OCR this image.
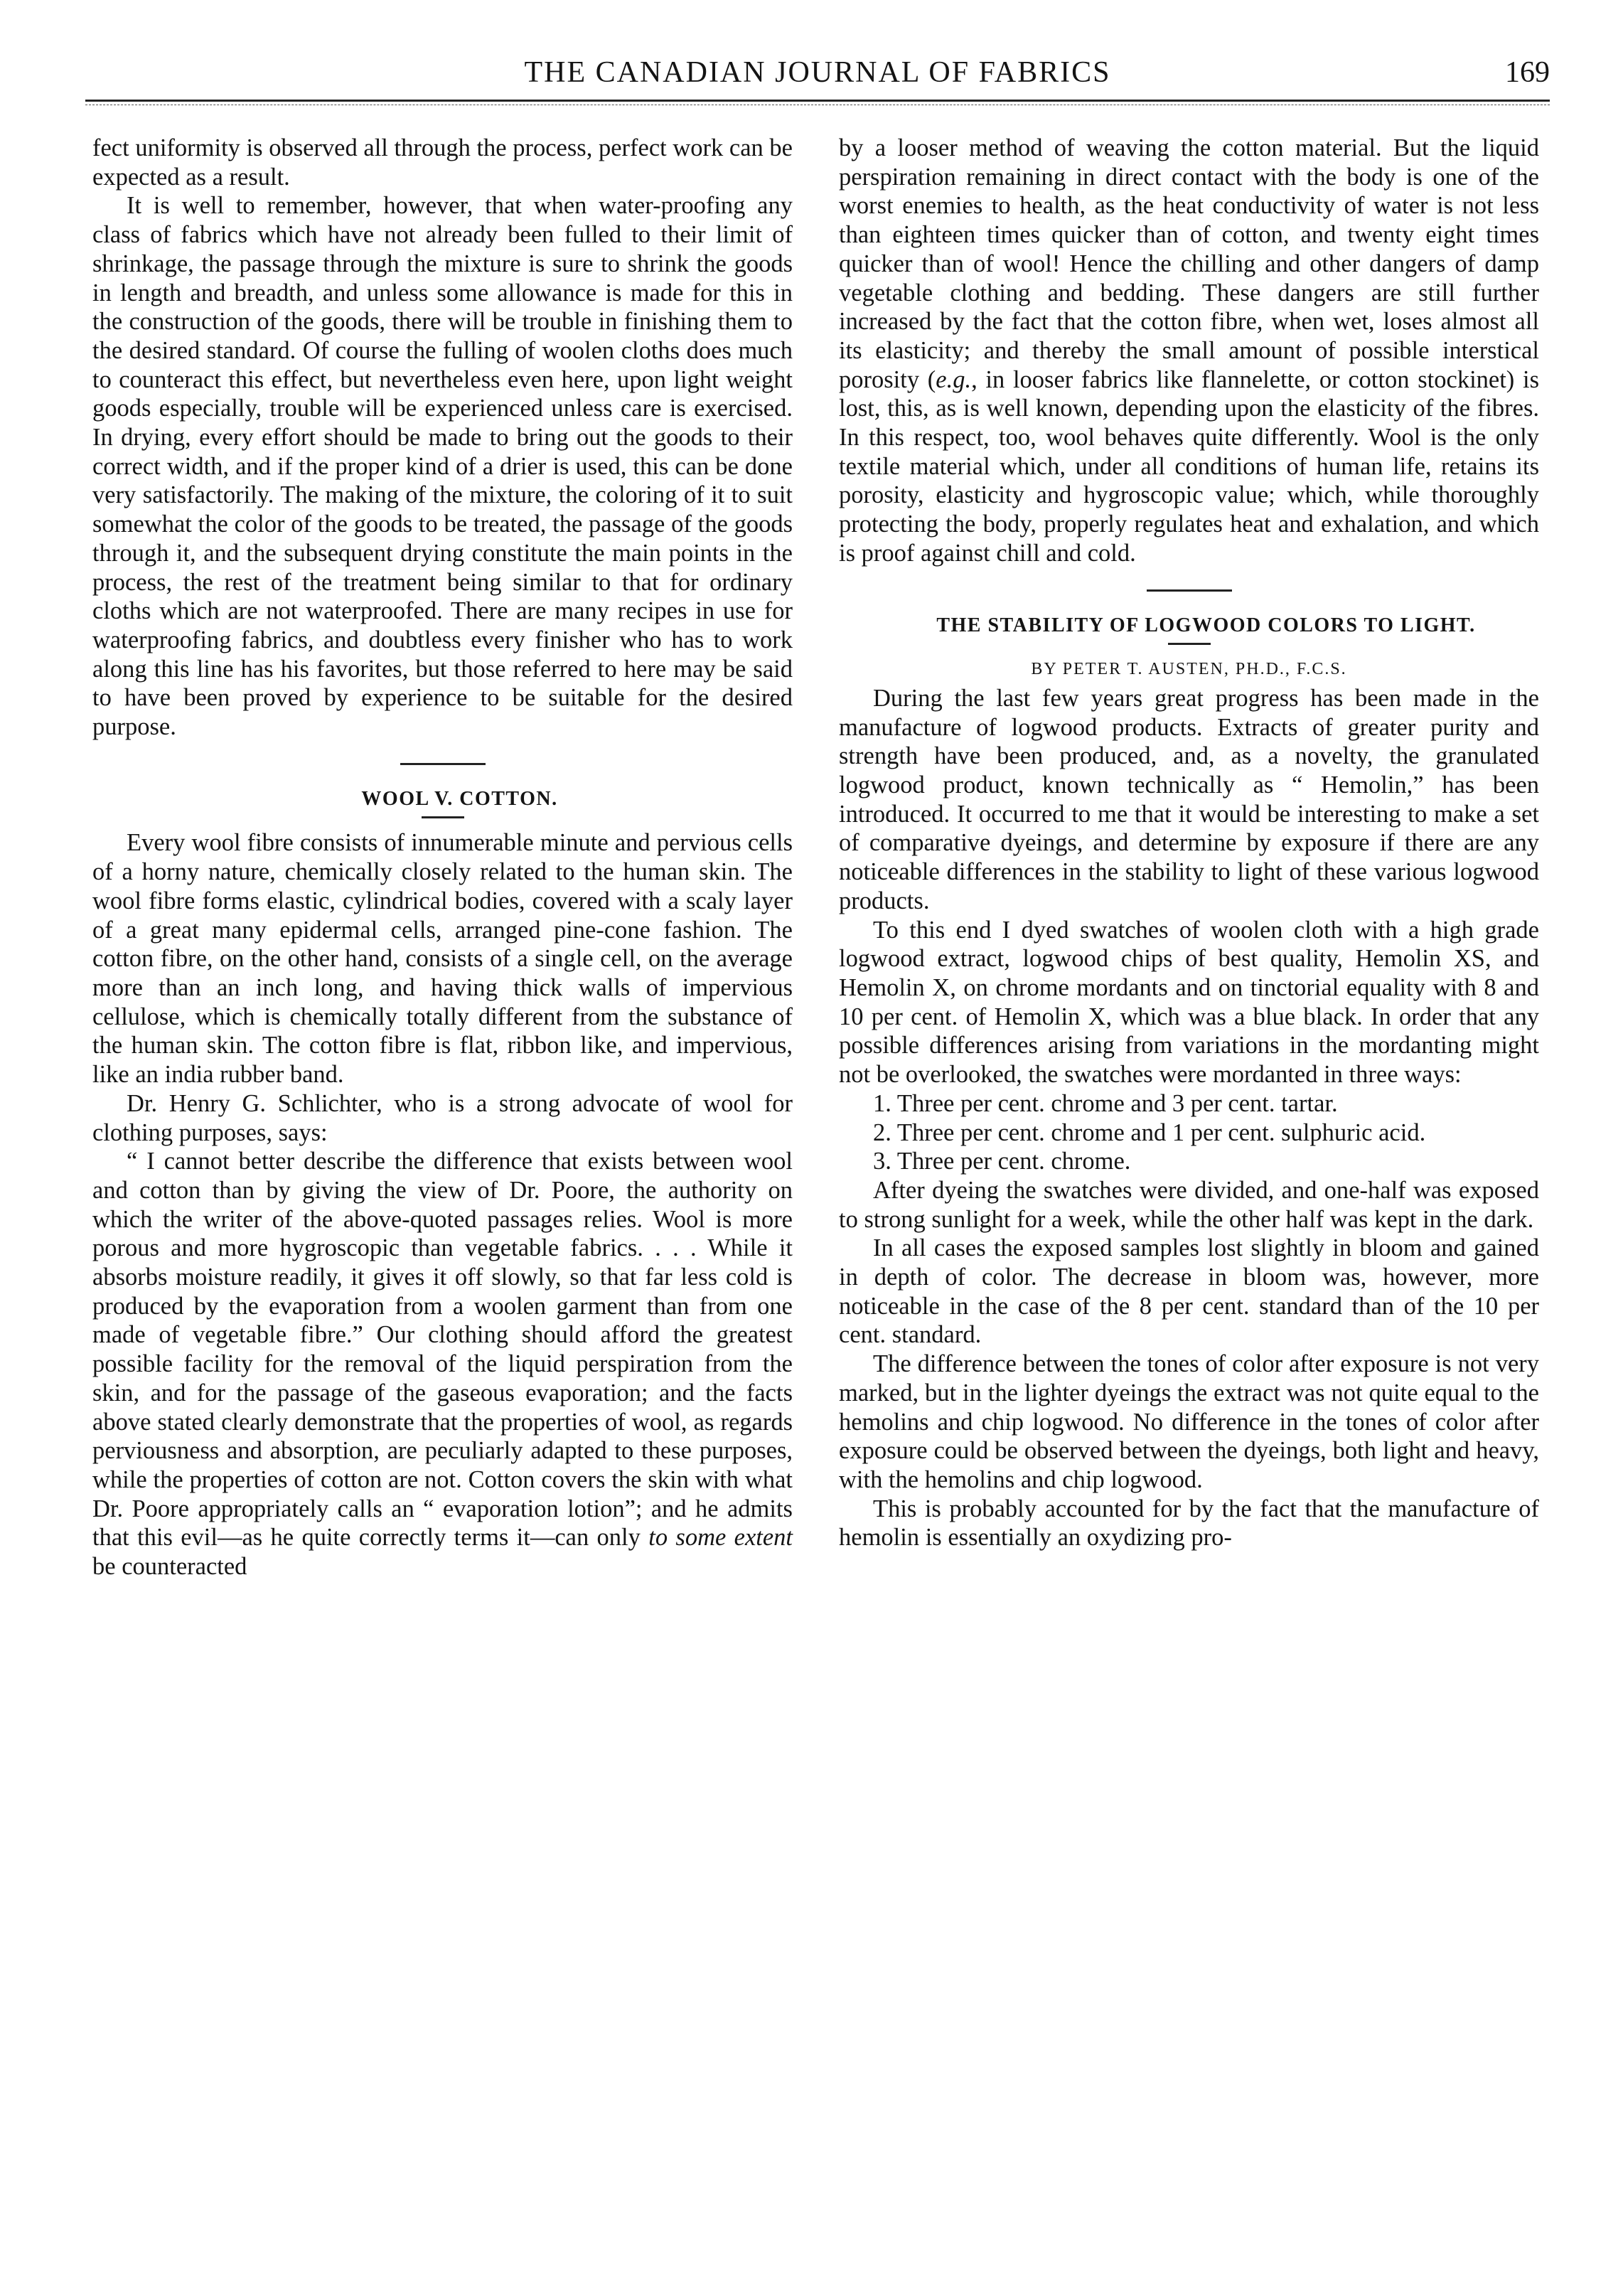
THE CANADIAN JOURNAL OF FABRICS	169

fect uniformity is observed all through the process, perfect work can be expected as a result.

It is well to remember, however, that when water-proofing any class of fabrics which have not already been fulled to their limit of shrinkage, the passage through the mixture is sure to shrink the goods in length and breadth, and unless some allowance is made for this in the construction of the goods, there will be trouble in finishing them to the desired standard. Of course the fulling of woolen cloths does much to counteract this effect, but nevertheless even here, upon light weight goods especially, trouble will be experienced unless care is exercised. In drying, every effort should be made to bring out the goods to their correct width, and if the proper kind of a drier is used, this can be done very satisfactorily. The making of the mixture, the coloring of it to suit somewhat the color of the goods to be treated, the passage of the goods through it, and the subsequent drying constitute the main points in the process, the rest of the treatment being similar to that for ordinary cloths which are not waterproofed. There are many recipes in use for waterproofing fabrics, and doubtless every finisher who has to work along this line has his favorites, but those referred to here may be said to have been proved by experience to be suitable for the desired purpose.

WOOL V. COTTON.

Every wool fibre consists of innumerable minute and pervious cells of a horny nature, chemically closely related to the human skin. The wool fibre forms elastic, cylindrical bodies, covered with a scaly layer of a great many epidermal cells, arranged pine-cone fashion. The cotton fibre, on the other hand, consists of a single cell, on the average more than an inch long, and having thick walls of impervious cellulose, which is chemically totally different from the substance of the human skin. The cotton fibre is flat, ribbon like, and impervious, like an india rubber band.

Dr. Henry G. Schlichter, who is a strong advocate of wool for clothing purposes, says:

“ I cannot better describe the difference that exists between wool and cotton than by giving the view of Dr. Poore, the authority on which the writer of the above-quoted passages relies. Wool is more porous and more hygroscopic than vegetable fabrics. . . . While it absorbs moisture readily, it gives it off slowly, so that far less cold is produced by the evaporation from a woolen garment than from one made of vegetable fibre.” Our clothing should afford the greatest possible facility for the removal of the liquid perspiration from the skin, and for the passage of the gaseous evaporation; and the facts above stated clearly demonstrate that the properties of wool, as regards perviousness and absorption, are peculiarly adapted to these purposes, while the properties of cotton are not. Cotton covers the skin with what Dr. Poore appropriately calls an “ evaporation lotion”; and he admits that this evil—as he quite correctly terms it—can only to some extent be counteracted

by a looser method of weaving the cotton material. But the liquid perspiration remaining in direct contact with the body is one of the worst enemies to health, as the heat conductivity of water is not less than eighteen times quicker than of cotton, and twenty eight times quicker than of wool! Hence the chilling and other dangers of damp vegetable clothing and bedding. These dangers are still further increased by the fact that the cotton fibre, when wet, loses almost all its elasticity; and thereby the small amount of possible interstical porosity (e.g., in looser fabrics like flannelette, or cotton stockinet) is lost, this, as is well known, depending upon the elasticity of the fibres. In this respect, too, wool behaves quite differently. Wool is the only textile material which, under all conditions of human life, retains its porosity, elasticity and hygroscopic value; which, while thoroughly protecting the body, properly regulates heat and exhalation, and which is proof against chill and cold.

THE STABILITY OF LOGWOOD COLORS TO LIGHT.

BY PETER T. AUSTEN, PH.D., F.C.S.

During the last few years great progress has been made in the manufacture of logwood products. Extracts of greater purity and strength have been produced, and, as a novelty, the granulated logwood product, known technically as “ Hemolin,” has been introduced. It occurred to me that it would be interesting to make a set of comparative dyeings, and determine by exposure if there are any noticeable differences in the stability to light of these various logwood products.

To this end I dyed swatches of woolen cloth with a high grade logwood extract, logwood chips of best quality, Hemolin XS, and Hemolin X, on chrome mordants and on tinctorial equality with 8 and 10 per cent. of Hemolin X, which was a blue black. In order that any possible differences arising from variations in the mordanting might not be overlooked, the swatches were mordanted in three ways:

1. Three per cent. chrome and 3 per cent. tartar.

2. Three per cent. chrome and 1 per cent. sulphuric acid.

3. Three per cent. chrome.

After dyeing the swatches were divided, and one-half was exposed to strong sunlight for a week, while the other half was kept in the dark.

In all cases the exposed samples lost slightly in bloom and gained in depth of color. The decrease in bloom was, however, more noticeable in the case of the 8 per cent. standard than of the 10 per cent. standard.

The difference between the tones of color after exposure is not very marked, but in the lighter dyeings the extract was not quite equal to the hemolins and chip logwood. No difference in the tones of color after exposure could be observed between the dyeings, both light and heavy, with the hemolins and chip logwood.

This is probably accounted for by the fact that the manufacture of hemolin is essentially an oxydizing pro-
